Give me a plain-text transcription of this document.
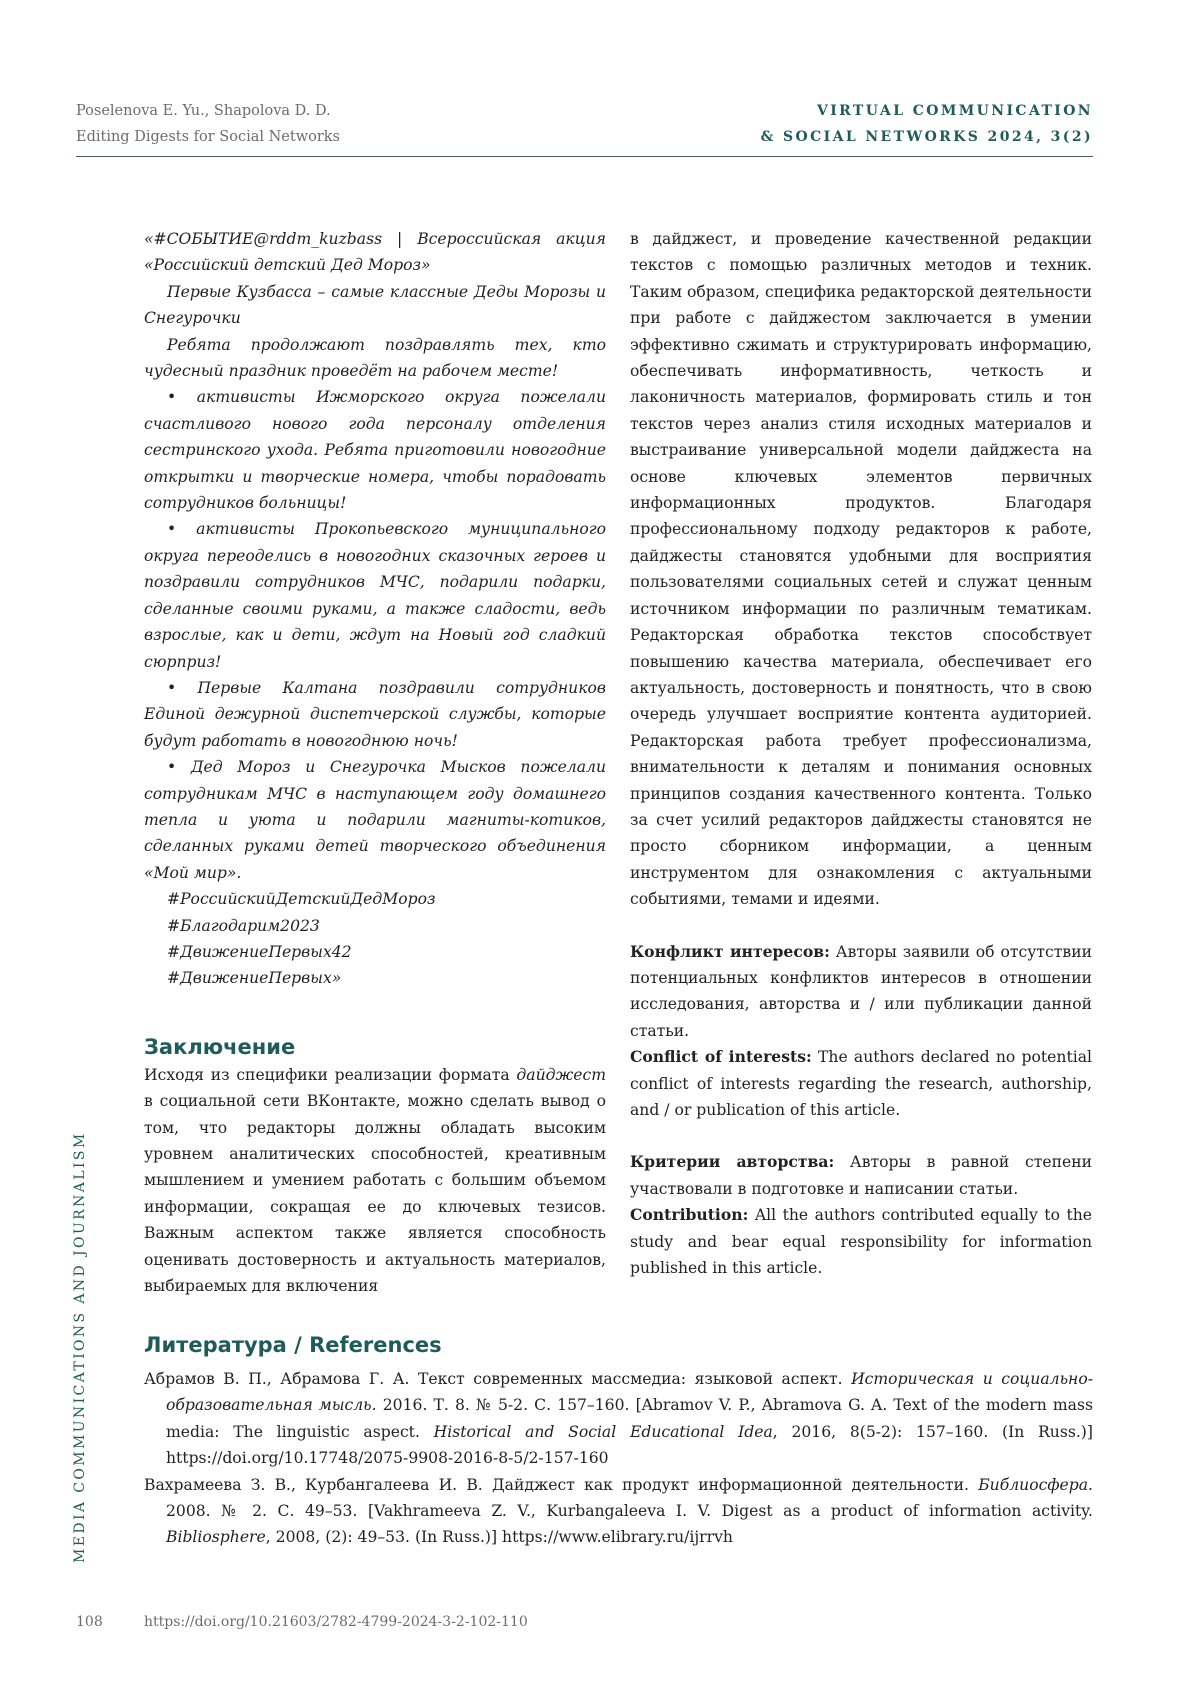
Poselenova E. Yu., Shapolova D. D.
Editing Digests for Social Networks
VIRTUAL COMMUNICATION
& SOCIAL NETWORKS 2024, 3(2)

«#СОБЫТИЕ@rddm_kuzbass | Всероссийская акция «Российский детский Дед Мороз»

Первые Кузбасса – самые классные Деды Морозы и Снегурочки

Ребята продолжают поздравлять тех, кто чудесный праздник проведёт на рабочем месте!

• активисты Ижморского округа пожелали счастливого нового года персоналу отделения сестринского ухода. Ребята приготовили новогодние открытки и творческие номера, чтобы порадовать сотрудников больницы!

• активисты Прокопьевского муниципального округа переоделись в новогодних сказочных героев и поздравили сотрудников МЧС, подарили подарки, сделанные своими руками, а также сладости, ведь взрослые, как и дети, ждут на Новый год сладкий сюрприз!

• Первые Калтана поздравили сотрудников Единой дежурной диспетчерской службы, которые будут работать в новогоднюю ночь!

• Дед Мороз и Снегурочка Мысков пожелали сотрудникам МЧС в наступающем году домашнего тепла и уюта и подарили магниты-котиков, сделанных руками детей творческого объединения «Мой мир».

#РоссийскийДетскийДедМороз

#Благодарим2023

#ДвижениеПервых42

#ДвижениеПервых»

Заключение

Исходя из специфики реализации формата дайджест в социальной сети ВКонтакте, можно сделать вывод о том, что редакторы должны обладать высоким уровнем аналитических способностей, креативным мышлением и умением работать с большим объемом информации, сокращая ее до ключевых тезисов. Важным аспектом также является способность оценивать достоверность и актуальность материалов, выбираемых для включения

в дайджест, и проведение качественной редакции текстов с помощью различных методов и техник. Таким образом, специфика редакторской деятельности при работе с дайджестом заключается в умении эффективно сжимать и структурировать информацию, обеспечивать информативность, четкость и лаконичность материалов, формировать стиль и тон текстов через анализ стиля исходных материалов и выстраивание универсальной модели дайджеста на основе ключевых элементов первичных информационных продуктов. Благодаря профессиональному подходу редакторов к работе, дайджесты становятся удобными для восприятия пользователями социальных сетей и служат ценным источником информации по различным тематикам. Редакторская обработка текстов способствует повышению качества материала, обеспечивает его актуальность, достоверность и понятность, что в свою очередь улучшает восприятие контента аудиторией. Редакторская работа требует профессионализма, внимательности к деталям и понимания основных принципов создания качественного контента. Только за счет усилий редакторов дайджесты становятся не просто сборником информации, а ценным инструментом для ознакомления с актуальными событиями, темами и идеями.

Конфликт интересов: Авторы заявили об отсутствии потенциальных конфликтов интересов в отношении исследования, авторства и / или публикации данной статьи.

Conflict of interests: The authors declared no potential conflict of interests regarding the research, authorship, and / or publication of this article.

Критерии авторства: Авторы в равной степени участвовали в подготовке и написании статьи.

Contribution: All the authors contributed equally to the study and bear equal responsibility for information published in this article.

Литература / References

Абрамов В. П., Абрамова Г. А. Текст современных массмедиа: языковой аспект. Историческая и социально-образовательная мысль. 2016. Т. 8. № 5-2. С. 157–160. [Abramov V. P., Abramova G. A. Text of the modern mass media: The linguistic aspect. Historical and Social Educational Idea, 2016, 8(5-2): 157–160. (In Russ.)] https://doi.org/10.17748/2075-9908-2016-8-5/2-157-160

Вахрамеева З. В., Курбангалеева И. В. Дайджест как продукт информационной деятельности. Библиосфера. 2008. № 2. С. 49–53. [Vakhrameeva Z. V., Kurbangaleeva I. V. Digest as a product of information activity. Bibliosphere, 2008, (2): 49–53. (In Russ.)] https://www.elibrary.ru/ijrrvh

MEDIA COMMUNICATIONS AND JOURNALISM
108	https://doi.org/10.21603/2782-4799-2024-3-2-102-110
